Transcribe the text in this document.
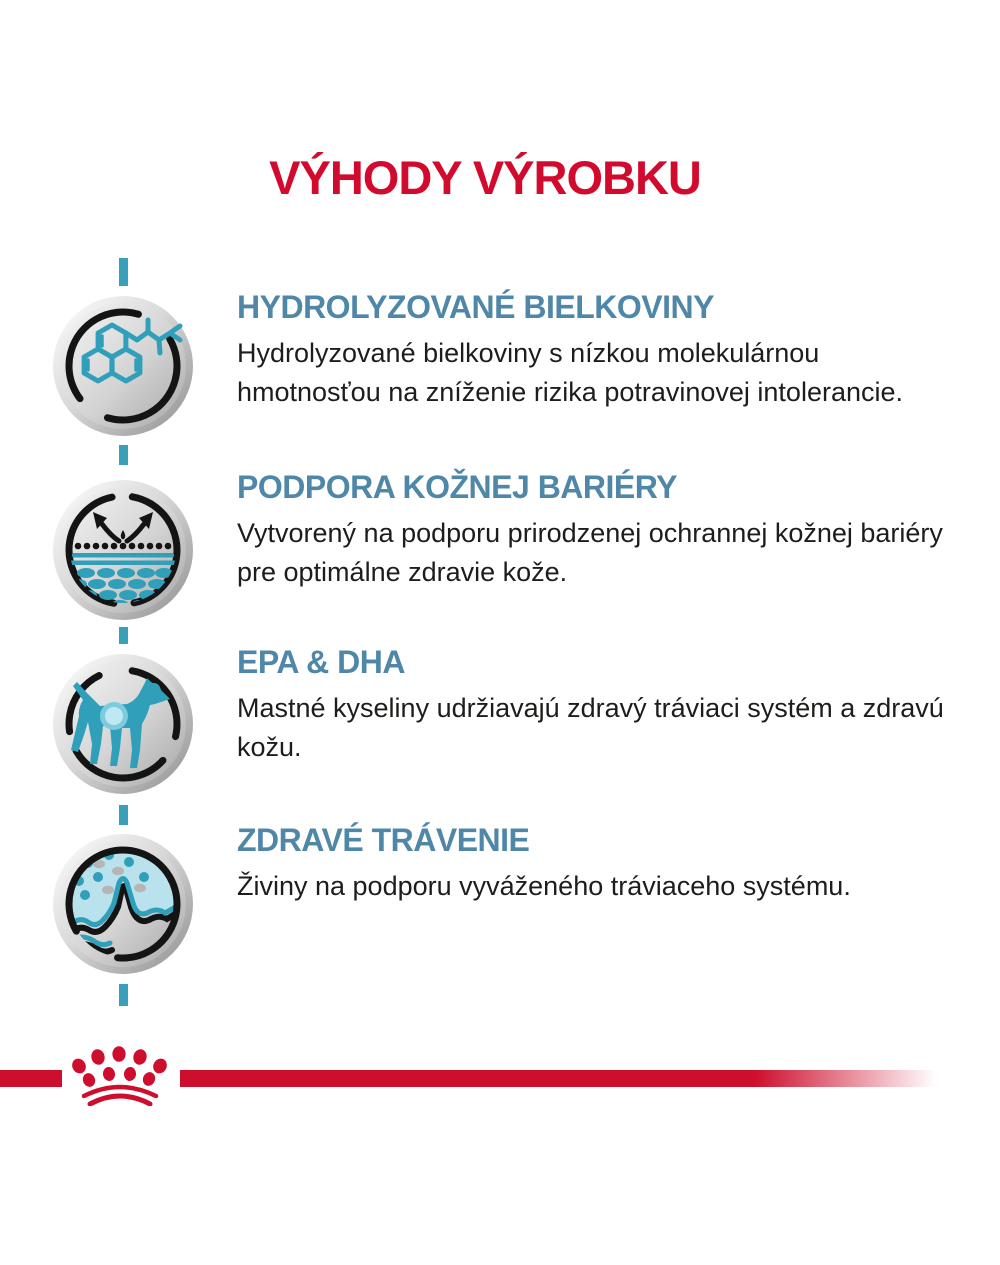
VÝHODY VÝROBKU
HYDROLYZOVANÉ BIELKOVINY

Hydrolyzované bielkoviny s nízkou molekulárnou hmotnosťou na zníženie rizika potravinovej intolerancie.

PODPORA KOŽNEJ BARIÉRY

Vytvorený na podporu prirodzenej ochrannej kožnej bariéry pre optimálne zdravie kože.

EPA & DHA

Mastné kyseliny udržiavajú zdravý tráviaci systém a zdravú kožu.

ZDRAVÉ TRÁVENIE

Živiny na podporu vyváženého tráviaceho systému.
